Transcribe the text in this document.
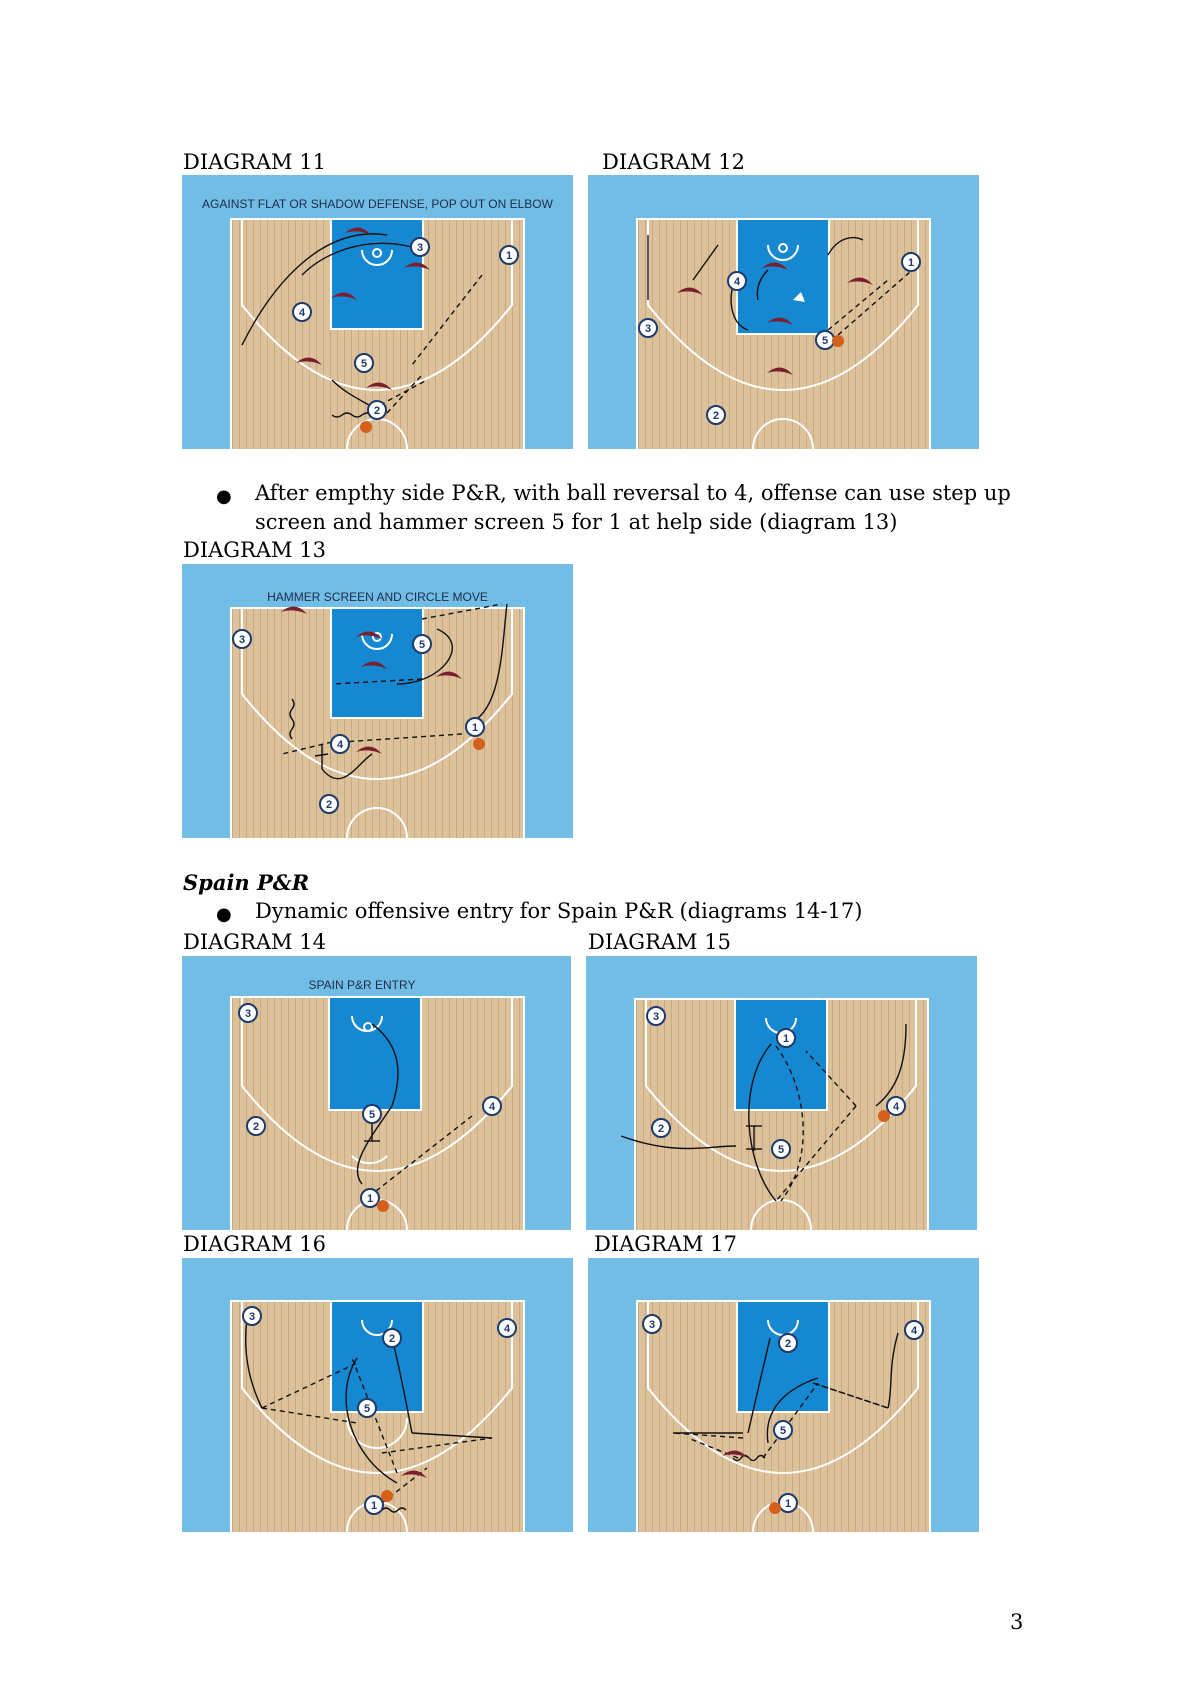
DIAGRAM 11
AGAINST FLAT OR SHADOW DEFENSE, POP OUT ON ELBOW
3
1
4
5
2
DIAGRAM 12
3
4
1
5
2
● After empthy side P&R, with ball reversal to 4, offense can use step up
screen and hammer screen 5 for 1 at help side (diagram 13)
DIAGRAM 13
HAMMER SCREEN AND CIRCLE MOVE
3	5
1
4
2
Spain P&R
● Dynamic offensive entry for Spain P&R (diagrams 14-17)
DIAGRAM 14
SPAIN P&R ENTRY
3
2
5
4
1
DIAGRAM 15
3
1
2
5
4
DIAGRAM 16
3
4
2
5
1
DIAGRAM 17
3	4
2
5
1
3
